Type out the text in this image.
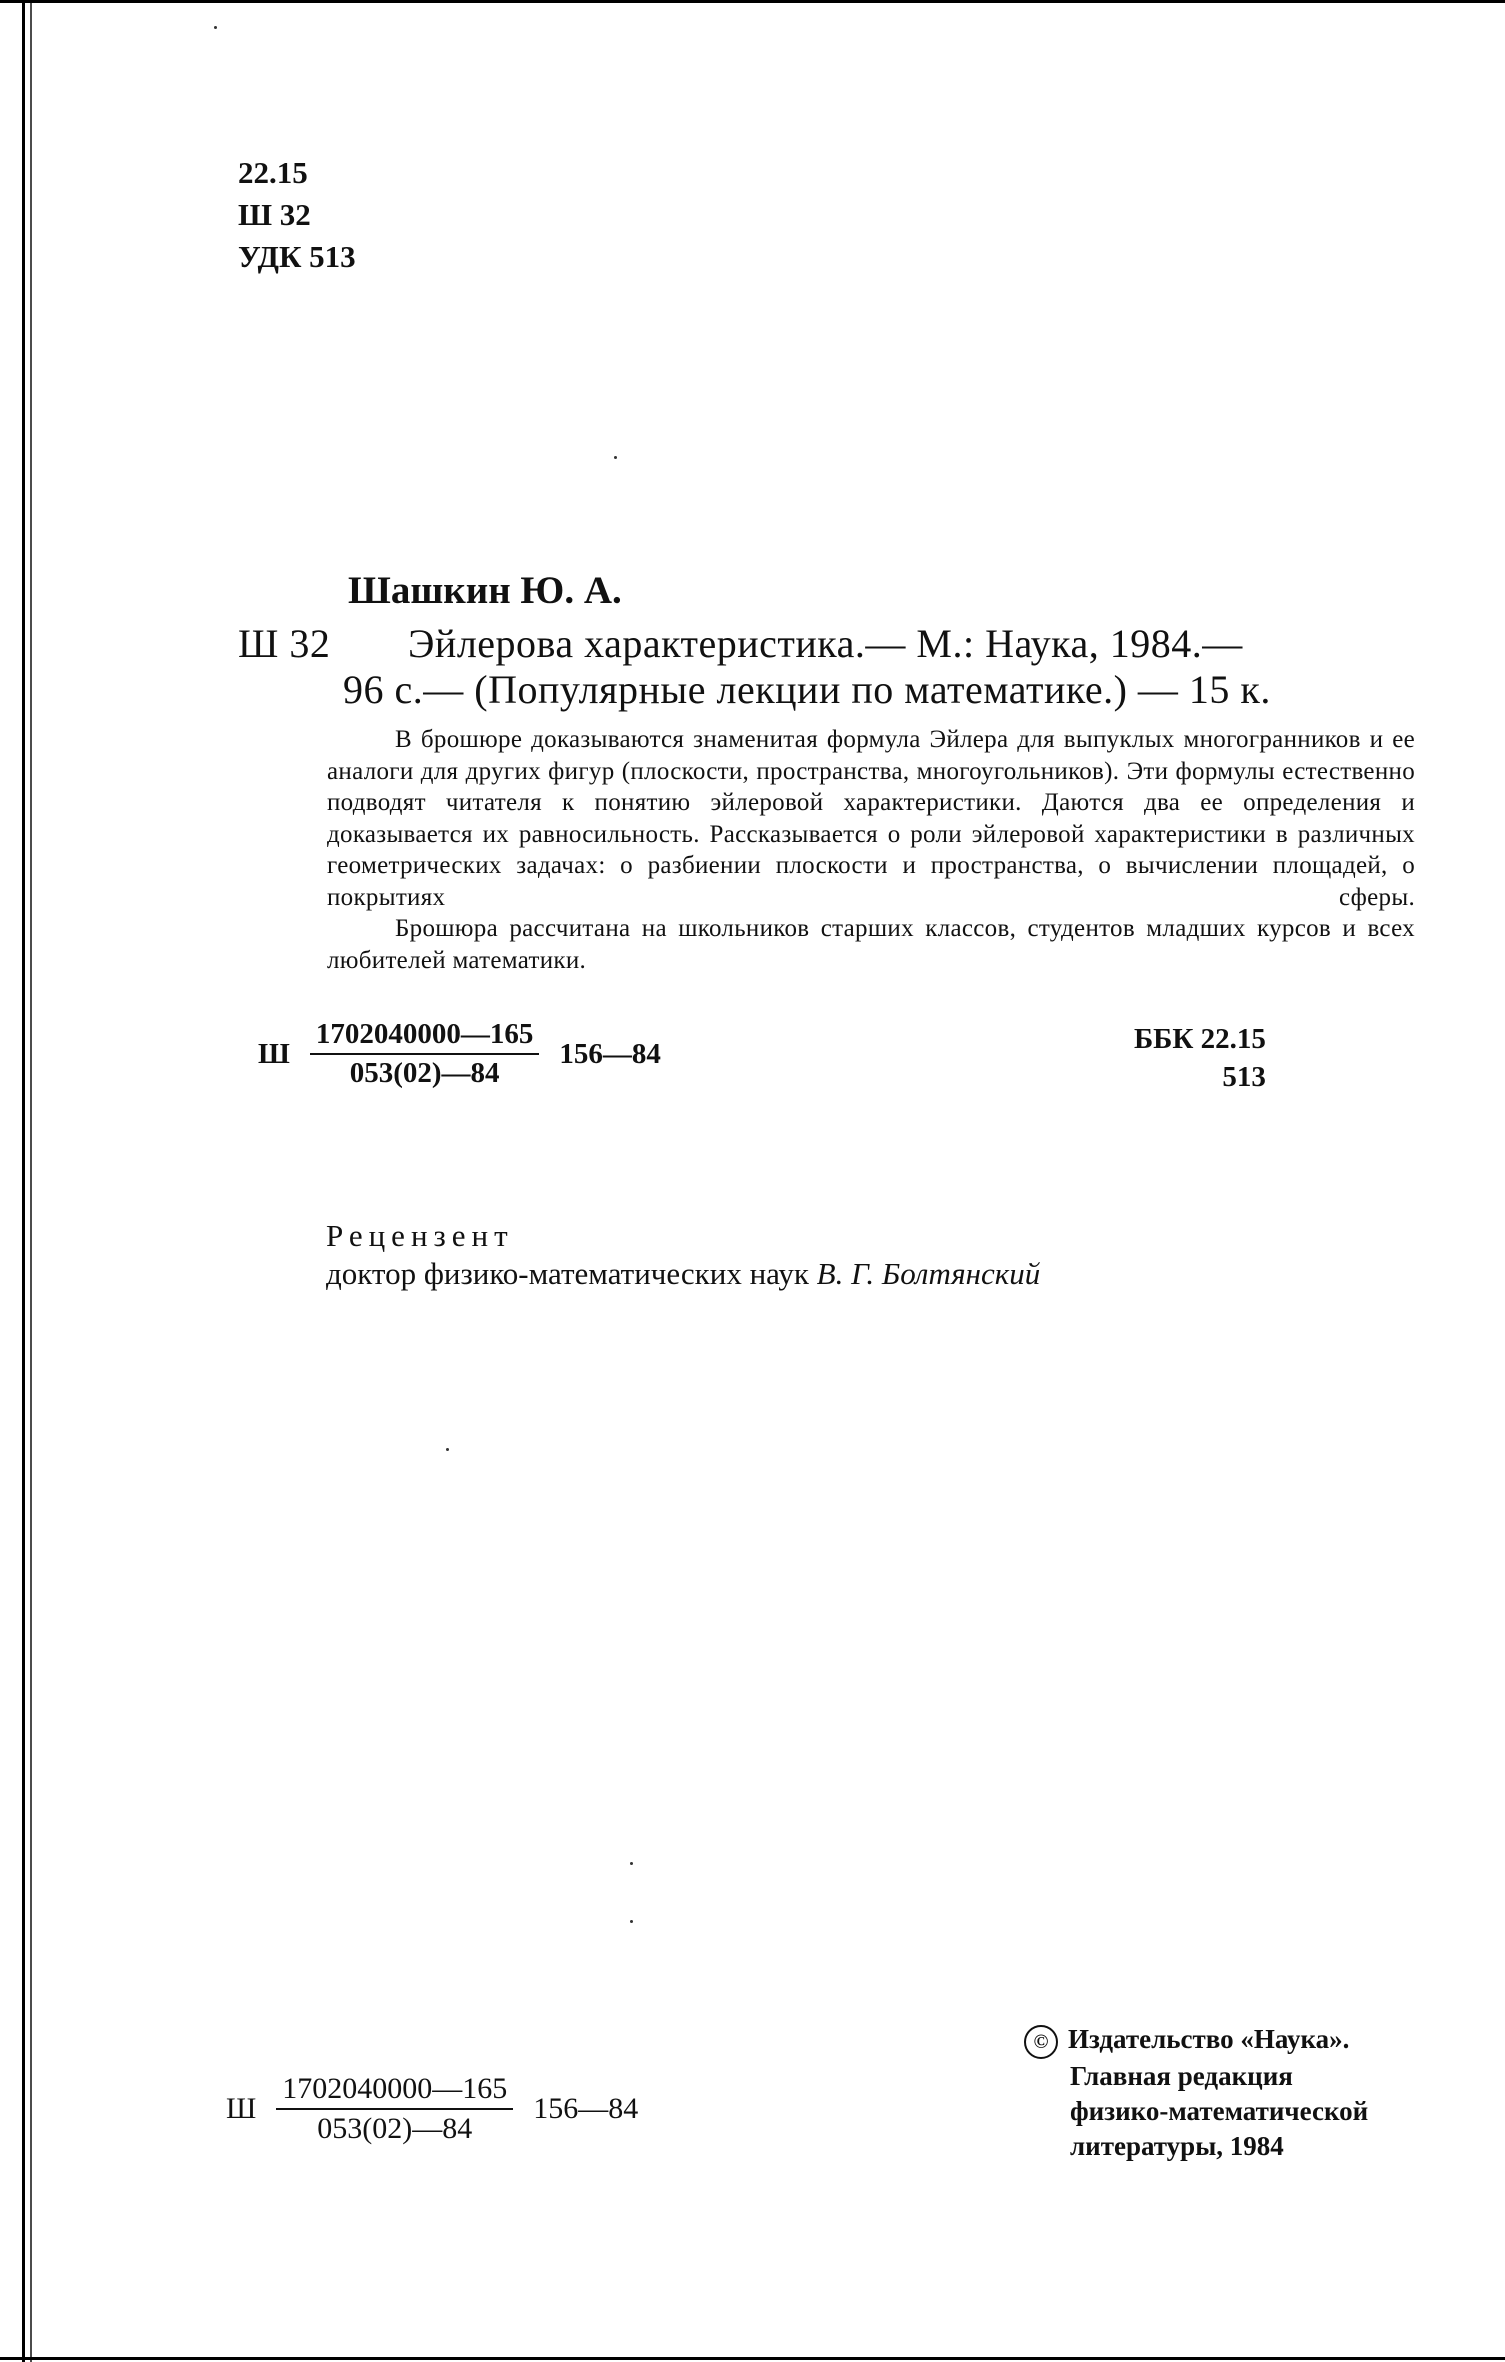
22.15
Ш 32
УДК 513
Шашкин Ю. А.
Ш 32 Эйлерова характеристика.— М.: Наука, 1984.—
96 с.— (Популярные лекции по математике.) — 15 к.

В брошюре доказываются знаменитая формула Эйлера для выпуклых многогранников и ее аналоги для других фигур (плоскости, пространства, многоугольников). Эти формулы естественно подводят читателя к понятию эйлеровой характеристики. Даются два ее определения и доказывается их равносильность. Рассказывается о роли эйлеровой характеристики в различных геометрических задачах: о разбиении плоскости и пространства, о вычислении площадей, о покрытиях сферы.

Брошюра рассчитана на школьников старших классов, студентов младших курсов и всех любителей математики.

Ш $\frac{1702040000—165}{053(02)—84}$ 156—84	ББК 22.15
513
Рецензент
доктор физико-математических наук В. Г. Болтянский
Ш $\frac{1702040000—165}{053(02)—84}$ 156—84
© Издательство «Наука».
Главная редакция
физико-математической
литературы, 1984
